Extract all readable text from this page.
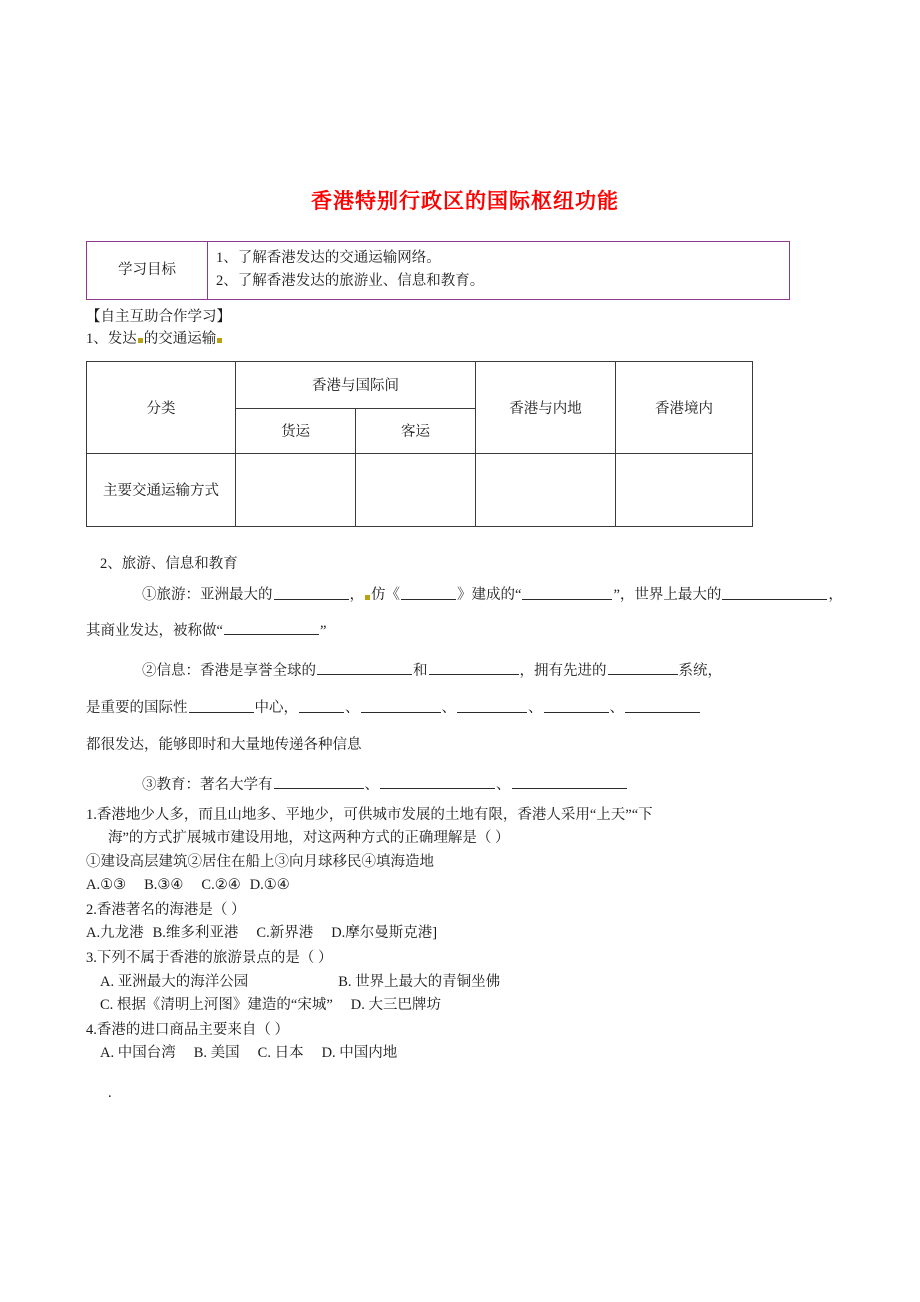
香港特别行政区的国际枢纽功能
学习目标	
1、了解香港发达的交通运输网络。
2、了解香港发达的旅游业、信息和教育。

【自主互助合作学习】

1、发达 的交通运输

分类	香港与国际间		香港与内地	香港境内
	货运	客运		
主要交通运输方式				

2、旅游、信息和教育

①旅游：亚洲最大的	， 仿《	》建成的“	”，世界上最大的	，

其商业发达，被称做“	”

②信息：香港是享誉全球的	和	，拥有先进的	系统，

是重要的国际性	中心，	、	、	、	、

都很发达，能够即时和大量地传递各种信息

③教育：著名大学有	、	、

1.香港地少人多，而且山地多、平地少，可供城市发展的土地有限，香港人采用“上天”“下

海”的方式扩展城市建设用地，对这两种方式的正确理解是（ ）

①建设高层建筑②居住在船上③向月球移民④填海造地

A.①③ B.③④ C.②④ D.①④

2.香港著名的海港是（ ）

A.九龙港 B.维多利亚港 C.新界港 D.摩尔曼斯克港]

3.下列不属于香港的旅游景点的是（ ）

A. 亚洲最大的海洋公园	B. 世界上最大的青铜坐佛

C. 根据《清明上河图》建造的“宋城” D. 大三巴牌坊

4.香港的进口商品主要来自（ ）

A. 中国台湾 B. 美国 C. 日本 D. 中国内地

.
